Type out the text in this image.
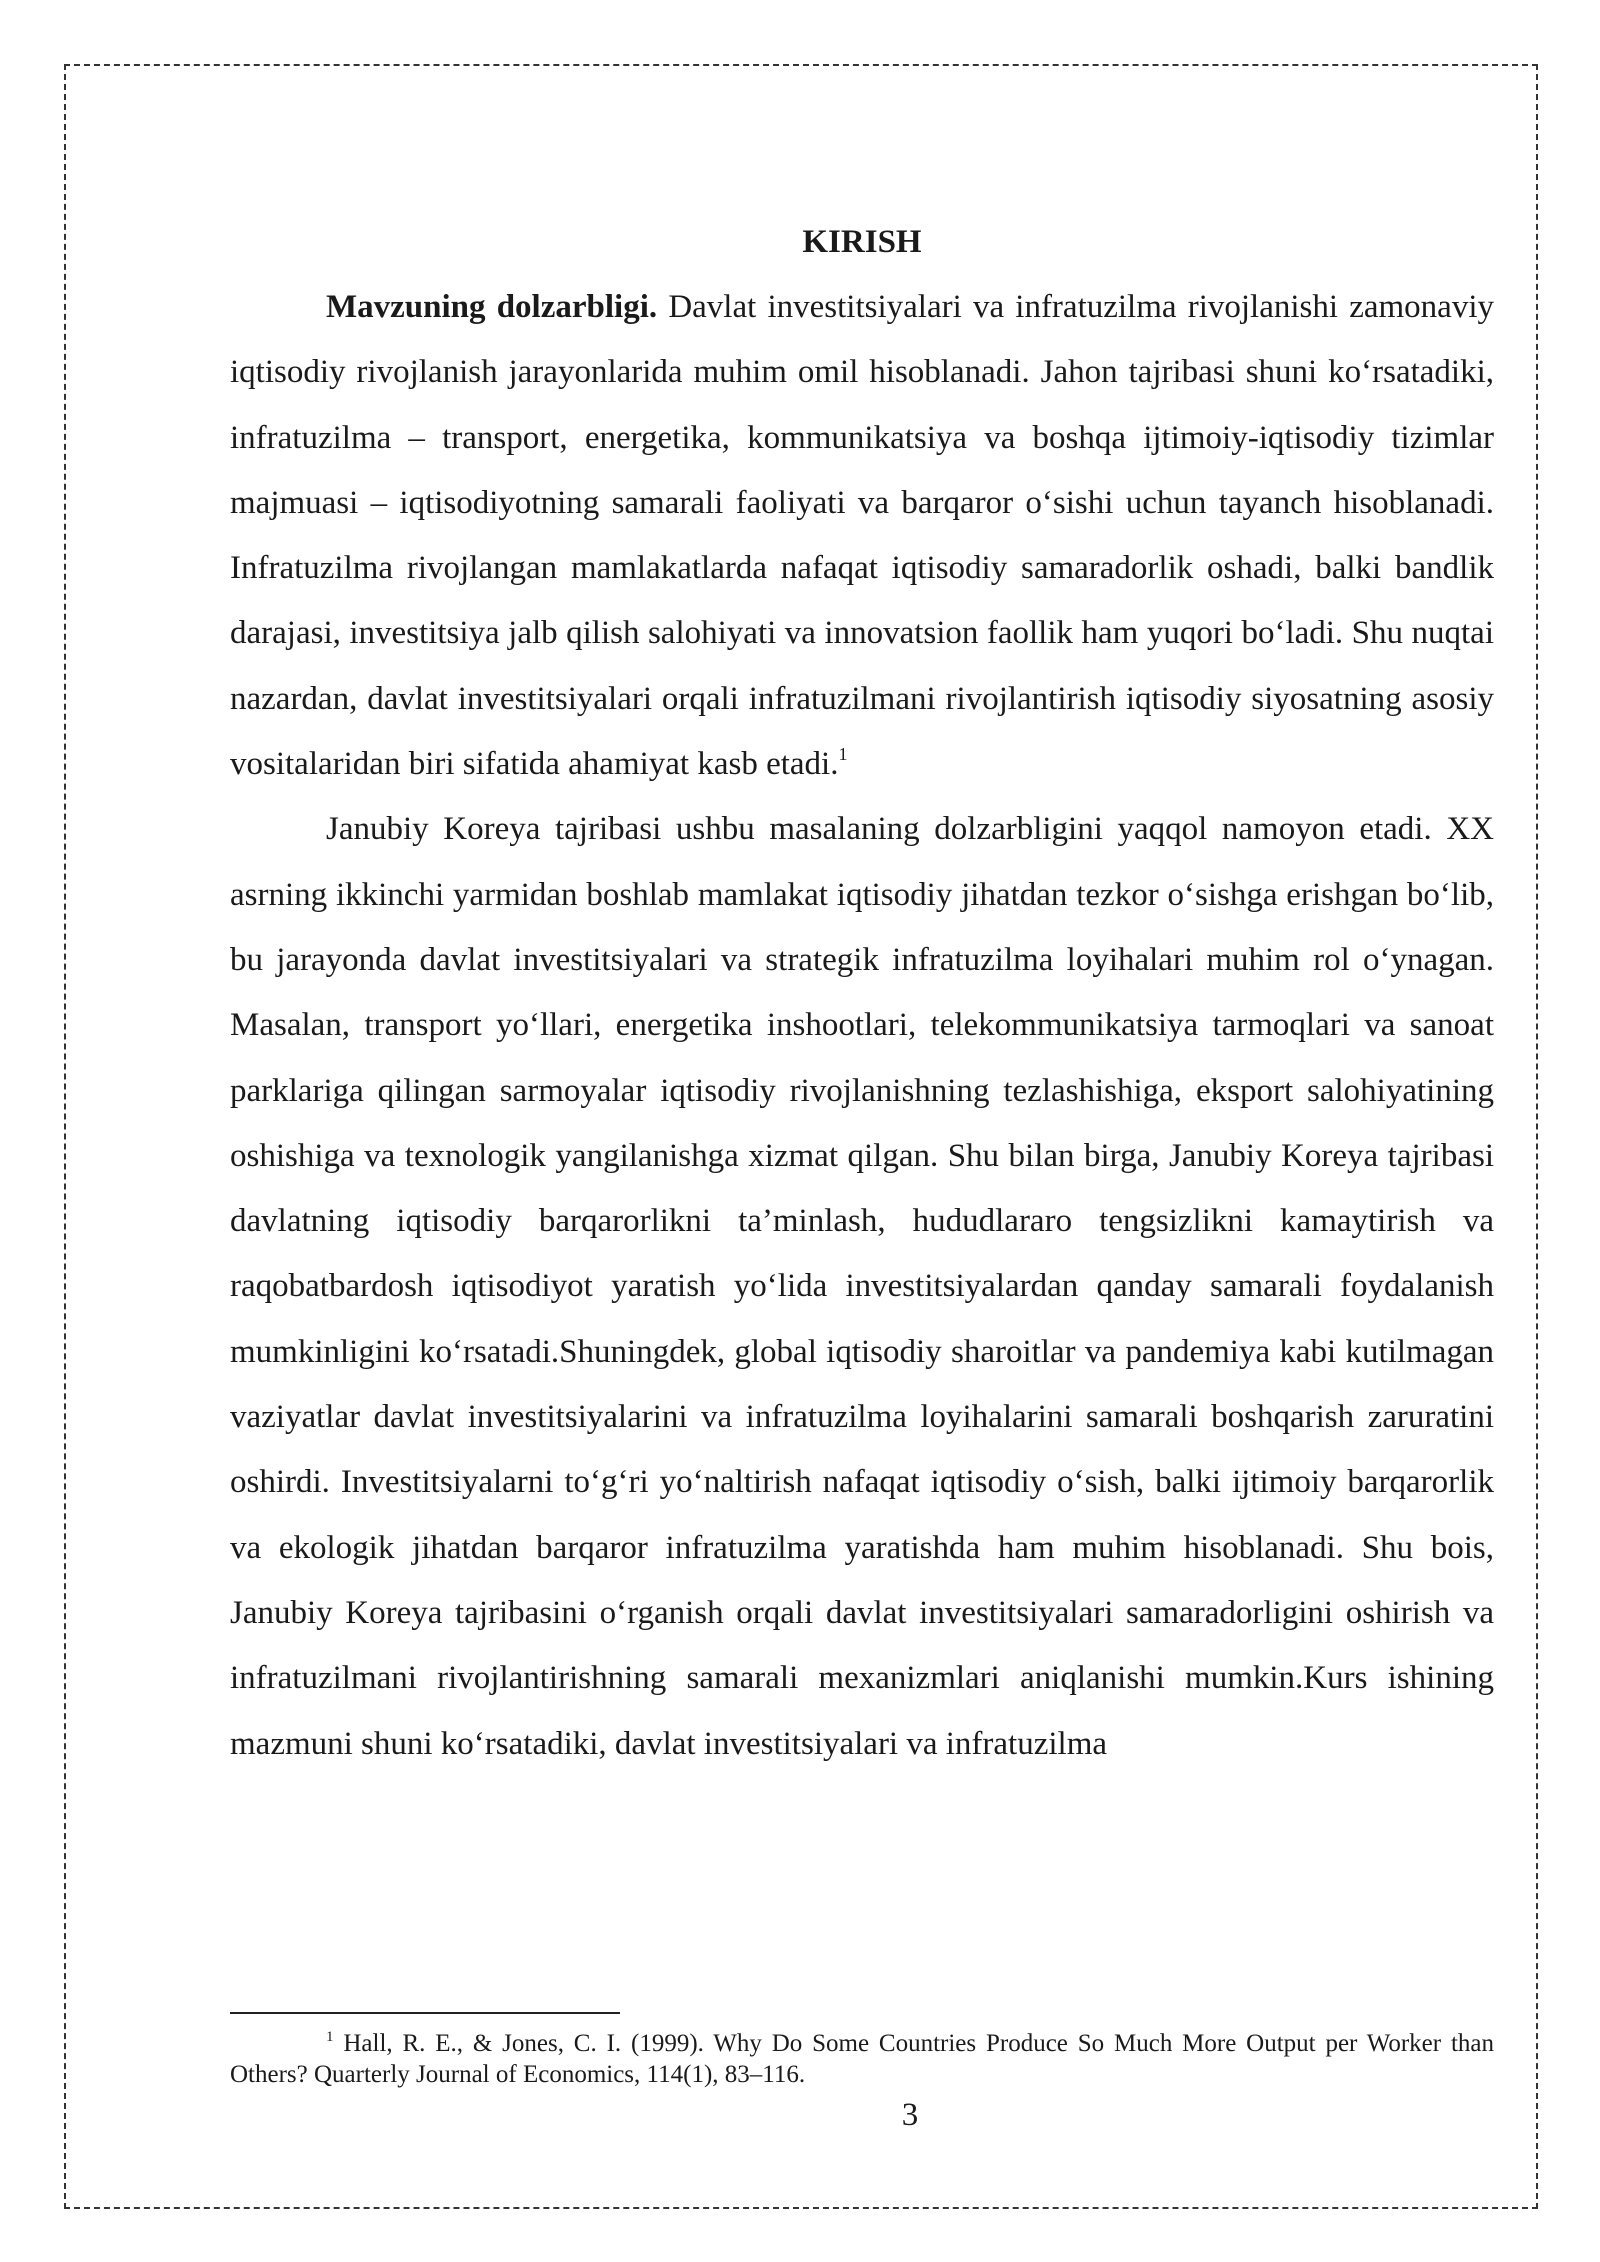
KIRISH

Mavzuning dolzarbligi. Davlat investitsiyalari va infratuzilma rivojlanishi zamonaviy iqtisodiy rivojlanish jarayonlarida muhim omil hisoblanadi. Jahon tajribasi shuni ko‘rsatadiki, infratuzilma – transport, energetika, kommunikatsiya va boshqa ijtimoiy-iqtisodiy tizimlar majmuasi – iqtisodiyotning samarali faoliyati va barqaror o‘sishi uchun tayanch hisoblanadi. Infratuzilma rivojlangan mamlakatlarda nafaqat iqtisodiy samaradorlik oshadi, balki bandlik darajasi, investitsiya jalb qilish salohiyati va innovatsion faollik ham yuqori bo‘ladi. Shu nuqtai nazardan, davlat investitsiyalari orqali infratuzilmani rivojlantirish iqtisodiy siyosatning asosiy vositalaridan biri sifatida ahamiyat kasb etadi.$^1$

Janubiy Koreya tajribasi ushbu masalaning dolzarbligini yaqqol namoyon etadi. XX asrning ikkinchi yarmidan boshlab mamlakat iqtisodiy jihatdan tezkor o‘sishga erishgan bo‘lib, bu jarayonda davlat investitsiyalari va strategik infratuzilma loyihalari muhim rol o‘ynagan. Masalan, transport yo‘llari, energetika inshootlari, telekommunikatsiya tarmoqlari va sanoat parklariga qilingan sarmoyalar iqtisodiy rivojlanishning tezlashishiga, eksport salohiyatining oshishiga va texnologik yangilanishga xizmat qilgan. Shu bilan birga, Janubiy Koreya tajribasi davlatning iqtisodiy barqarorlikni ta’minlash, hududlararo tengsizlikni kamaytirish va raqobatbardosh iqtisodiyot yaratish yo‘lida investitsiyalardan qanday samarali foydalanish mumkinligini ko‘rsatadi.Shuningdek, global iqtisodiy sharoitlar va pandemiya kabi kutilmagan vaziyatlar davlat investitsiyalarini va infratuzilma loyihalarini samarali boshqarish zaruratini oshirdi. Investitsiyalarni to‘g‘ri yo‘naltirish nafaqat iqtisodiy o‘sish, balki ijtimoiy barqarorlik va ekologik jihatdan barqaror infratuzilma yaratishda ham muhim hisoblanadi. Shu bois, Janubiy Koreya tajribasini o‘rganish orqali davlat investitsiyalari samaradorligini oshirish va infratuzilmani rivojlantirishning samarali mexanizmlari aniqlanishi mumkin.Kurs ishining mazmuni shuni ko‘rsatadiki, davlat investitsiyalari va infratuzilma

$^1$ Hall, R. E., & Jones, C. I. (1999). Why Do Some Countries Produce So Much More Output per Worker than Others? Quarterly Journal of Economics, 114(1), 83–116.

3
